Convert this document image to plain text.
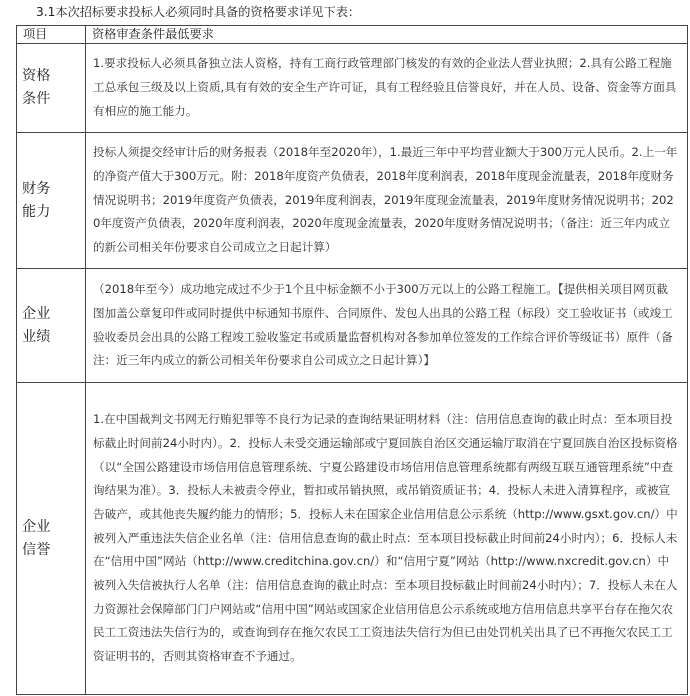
3.1本次招标要求投标人必须同时具备的资格要求详见下表：
项目	资格审查条件最低要求

资格
条件	1.要求投标人必须具备独立法人资格，持有工商行政管理部门核发的有效的企业法人营业执照；2.具有公路工程施工总承包三级及以上资质,具有有效的安全生产许可证，具有工程经验且信誉良好，并在人员、设备、资金等方面具有相应的施工能力。

财务
能力	投标人须提交经审计后的财务报表（2018年至2020年），1.最近三年中平均营业额大于300万元人民币。2.上一年的净资产值大于300万元。附：2018年度资产负债表，2018年度利润表，2018年度现金流量表，2018年度财务情况说明书；2019年度资产负债表，2019年度利润表，2019年度现金流量表，2019年度财务情况说明书；2020年度资产负债表，2020年度利润表，2020年度现金流量表，2020年度财务情况说明书；（备注：近三年内成立的新公司相关年份要求自公司成立之日起计算）

企业
业绩	（2018年至今）成功地完成过不少于1个且中标金额不小于300万元以上的公路工程施工。【提供相关项目网页截图加盖公章复印件或同时提供中标通知书原件、合同原件、发包人出具的公路工程（标段）交工验收证书（或竣工验收委员会出具的公路工程竣工验收鉴定书或质量监督机构对各参加单位签发的工作综合评价等级证书）原件（备注：近三年内成立的新公司相关年份要求自公司成立之日起计算）】

企业
信誉	1.在中国裁判文书网无行贿犯罪等不良行为记录的查询结果证明材料（注：信用信息查询的截止时点：至本项目投标截止时间前24小时内）。2．投标人未受交通运输部或宁夏回族自治区交通运输厅取消在宁夏回族自治区投标资格（以“全国公路建设市场信用信息管理系统、宁夏公路建设市场信用信息管理系统都有两级互联互通管理系统”中查询结果为准）。3．投标人未被责令停业，暂扣或吊销执照，或吊销资质证书；4．投标人未进入清算程序，或被宣告破产，或其他丧失履约能力的情形；5．投标人未在国家企业信用信息公示系统（http://www.gsxt.gov.cn/）中被列入严重违法失信企业名单（注：信用信息查询的截止时点：至本项目投标截止时间前24小时内）；6．投标人未在“信用中国”网站（http://www.creditchina.gov.cn/）和“信用宁夏”网站（http://www.nxcredit.gov.cn）中被列入失信被执行人名单（注：信用信息查询的截止时点：至本项目投标截止时间前24小时内）；7．投标人未在人力资源社会保障部门门户网站或“信用中国”网站或国家企业信用信息公示系统或地方信用信息共享平台存在拖欠农民工工资违法失信行为的，或查询到存在拖欠农民工工资违法失信行为但已由处罚机关出具了已不再拖欠农民工工资证明书的，否则其资格审查不予通过。
